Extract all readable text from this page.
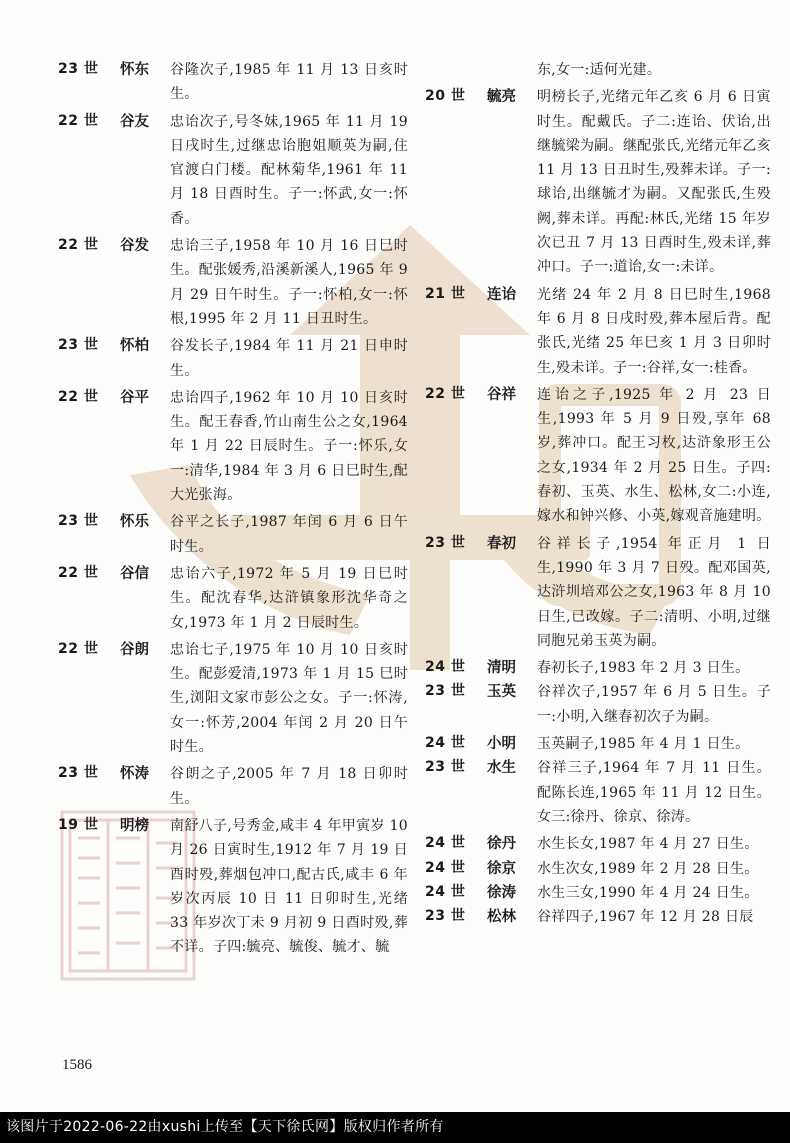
23 世 怀东 谷隆次子,1985 年 11 月 13 日亥时生。
22 世 谷友 忠诒次子,号冬妹,1965 年 11 月 19 日戌时生,过继忠诒胞姐顺英为嗣,住官渡白门楼。配林菊华,1961 年 11 月 18 日酉时生。子一:怀武,女一:怀香。
22 世 谷发 忠诒三子,1958 年 10 月 16 日巳时生。配张媛秀,沿溪新溪人,1965 年 9 月 29 日午时生。子一:怀柏,女一:怀根,1995 年 2 月 11 日丑时生。
23 世 怀柏 谷发长子,1984 年 11 月 21 日申时生。
22 世 谷平 忠诒四子,1962 年 10 月 10 日亥时生。配王春香,竹山南生公之女,1964 年 1 月 22 日辰时生。子一:怀乐,女一:清华,1984 年 3 月 6 日巳时生,配大光张海。
23 世 怀乐 谷平之长子,1987 年闰 6 月 6 日午时生。
22 世 谷信 忠诒六子,1972 年 5 月 19 日巳时生。配沈春华,达浒镇象形沈华奇之女,1973 年 1 月 2 日辰时生。
22 世 谷朗 忠诒七子,1975 年 10 月 10 日亥时生。配彭爱清,1973 年 1 月 15 巳时生,浏阳文家市彭公之女。子一:怀涛,女一:怀芳,2004 年闰 2 月 20 日午时生。
23 世 怀涛 谷朗之子,2005 年 7 月 18 日卯时生。
19 世 明榜 南舒八子,号秀金,咸丰 4 年甲寅岁 10 月 26 日寅时生,1912 年 7 月 19 日酉时殁,葬烟包冲口,配古氏,咸丰 6 年岁次丙辰 10 日 11 日卯时生,光绪 33 年岁次丁未 9 月初 9 日酉时殁,葬不详。子四:毓亮、毓俊、毓才、毓
东,女一:适何光建。
20 世 毓亮 明榜长子,光绪元年乙亥 6 月 6 日寅时生。配戴氏。子二:连诒、伏诒,出继毓梁为嗣。继配张氏,光绪元年乙亥 11 月 13 日丑时生,殁葬未详。子一:球诒,出继毓才为嗣。又配张氏,生殁阙,葬未详。再配:林氏,光绪 15 年岁次已丑 7 月 13 日酉时生,殁未详,葬冲口。子一:道诒,女一:未详。
21 世 连诒 光绪 24 年 2 月 8 日巳时生,1968 年 6 月 8 日戌时殁,葬本屋后背。配张氏,光绪 25 年巳亥 1 月 3 日卯时生,殁未详。子一:谷祥,女一:桂香。
22 世 谷祥 连诒之子,1925 年 2 月 23 日生,1993 年 5 月 9 日殁,享年 68 岁,葬冲口。配王习枚,达浒象形王公之女,1934 年 2 月 25 日生。子四:春初、玉英、水生、松林,女二:小连,嫁水和钟兴修、小英,嫁观音施建明。
23 世 春初 谷祥长子,1954 年正月 1 日生,1990 年 3 月 7 日殁。配邓国英,达浒圳培邓公之女,1963 年 8 月 10 日生,已改嫁。子二:清明、小明,过继同胞兄弟玉英为嗣。
24 世 清明 春初长子,1983 年 2 月 3 日生。
23 世 玉英 谷祥次子,1957 年 6 月 5 日生。子一:小明,入继春初次子为嗣。
24 世 小明 玉英嗣子,1985 年 4 月 1 日生。
23 世 水生 谷祥三子,1964 年 7 月 11 日生。配陈长连,1965 年 11 月 12 日生。女三:徐丹、徐京、徐涛。
24 世 徐丹 水生长女,1987 年 4 月 27 日生。
24 世 徐京 水生次女,1989 年 2 月 28 日生。
24 世 徐涛 水生三女,1990 年 4 月 24 日生。
23 世 松林 谷祥四子,1967 年 12 月 28 日辰
1586
该图片于2022-06-22由xushi上传至【天下徐氏网】版权归作者所有
